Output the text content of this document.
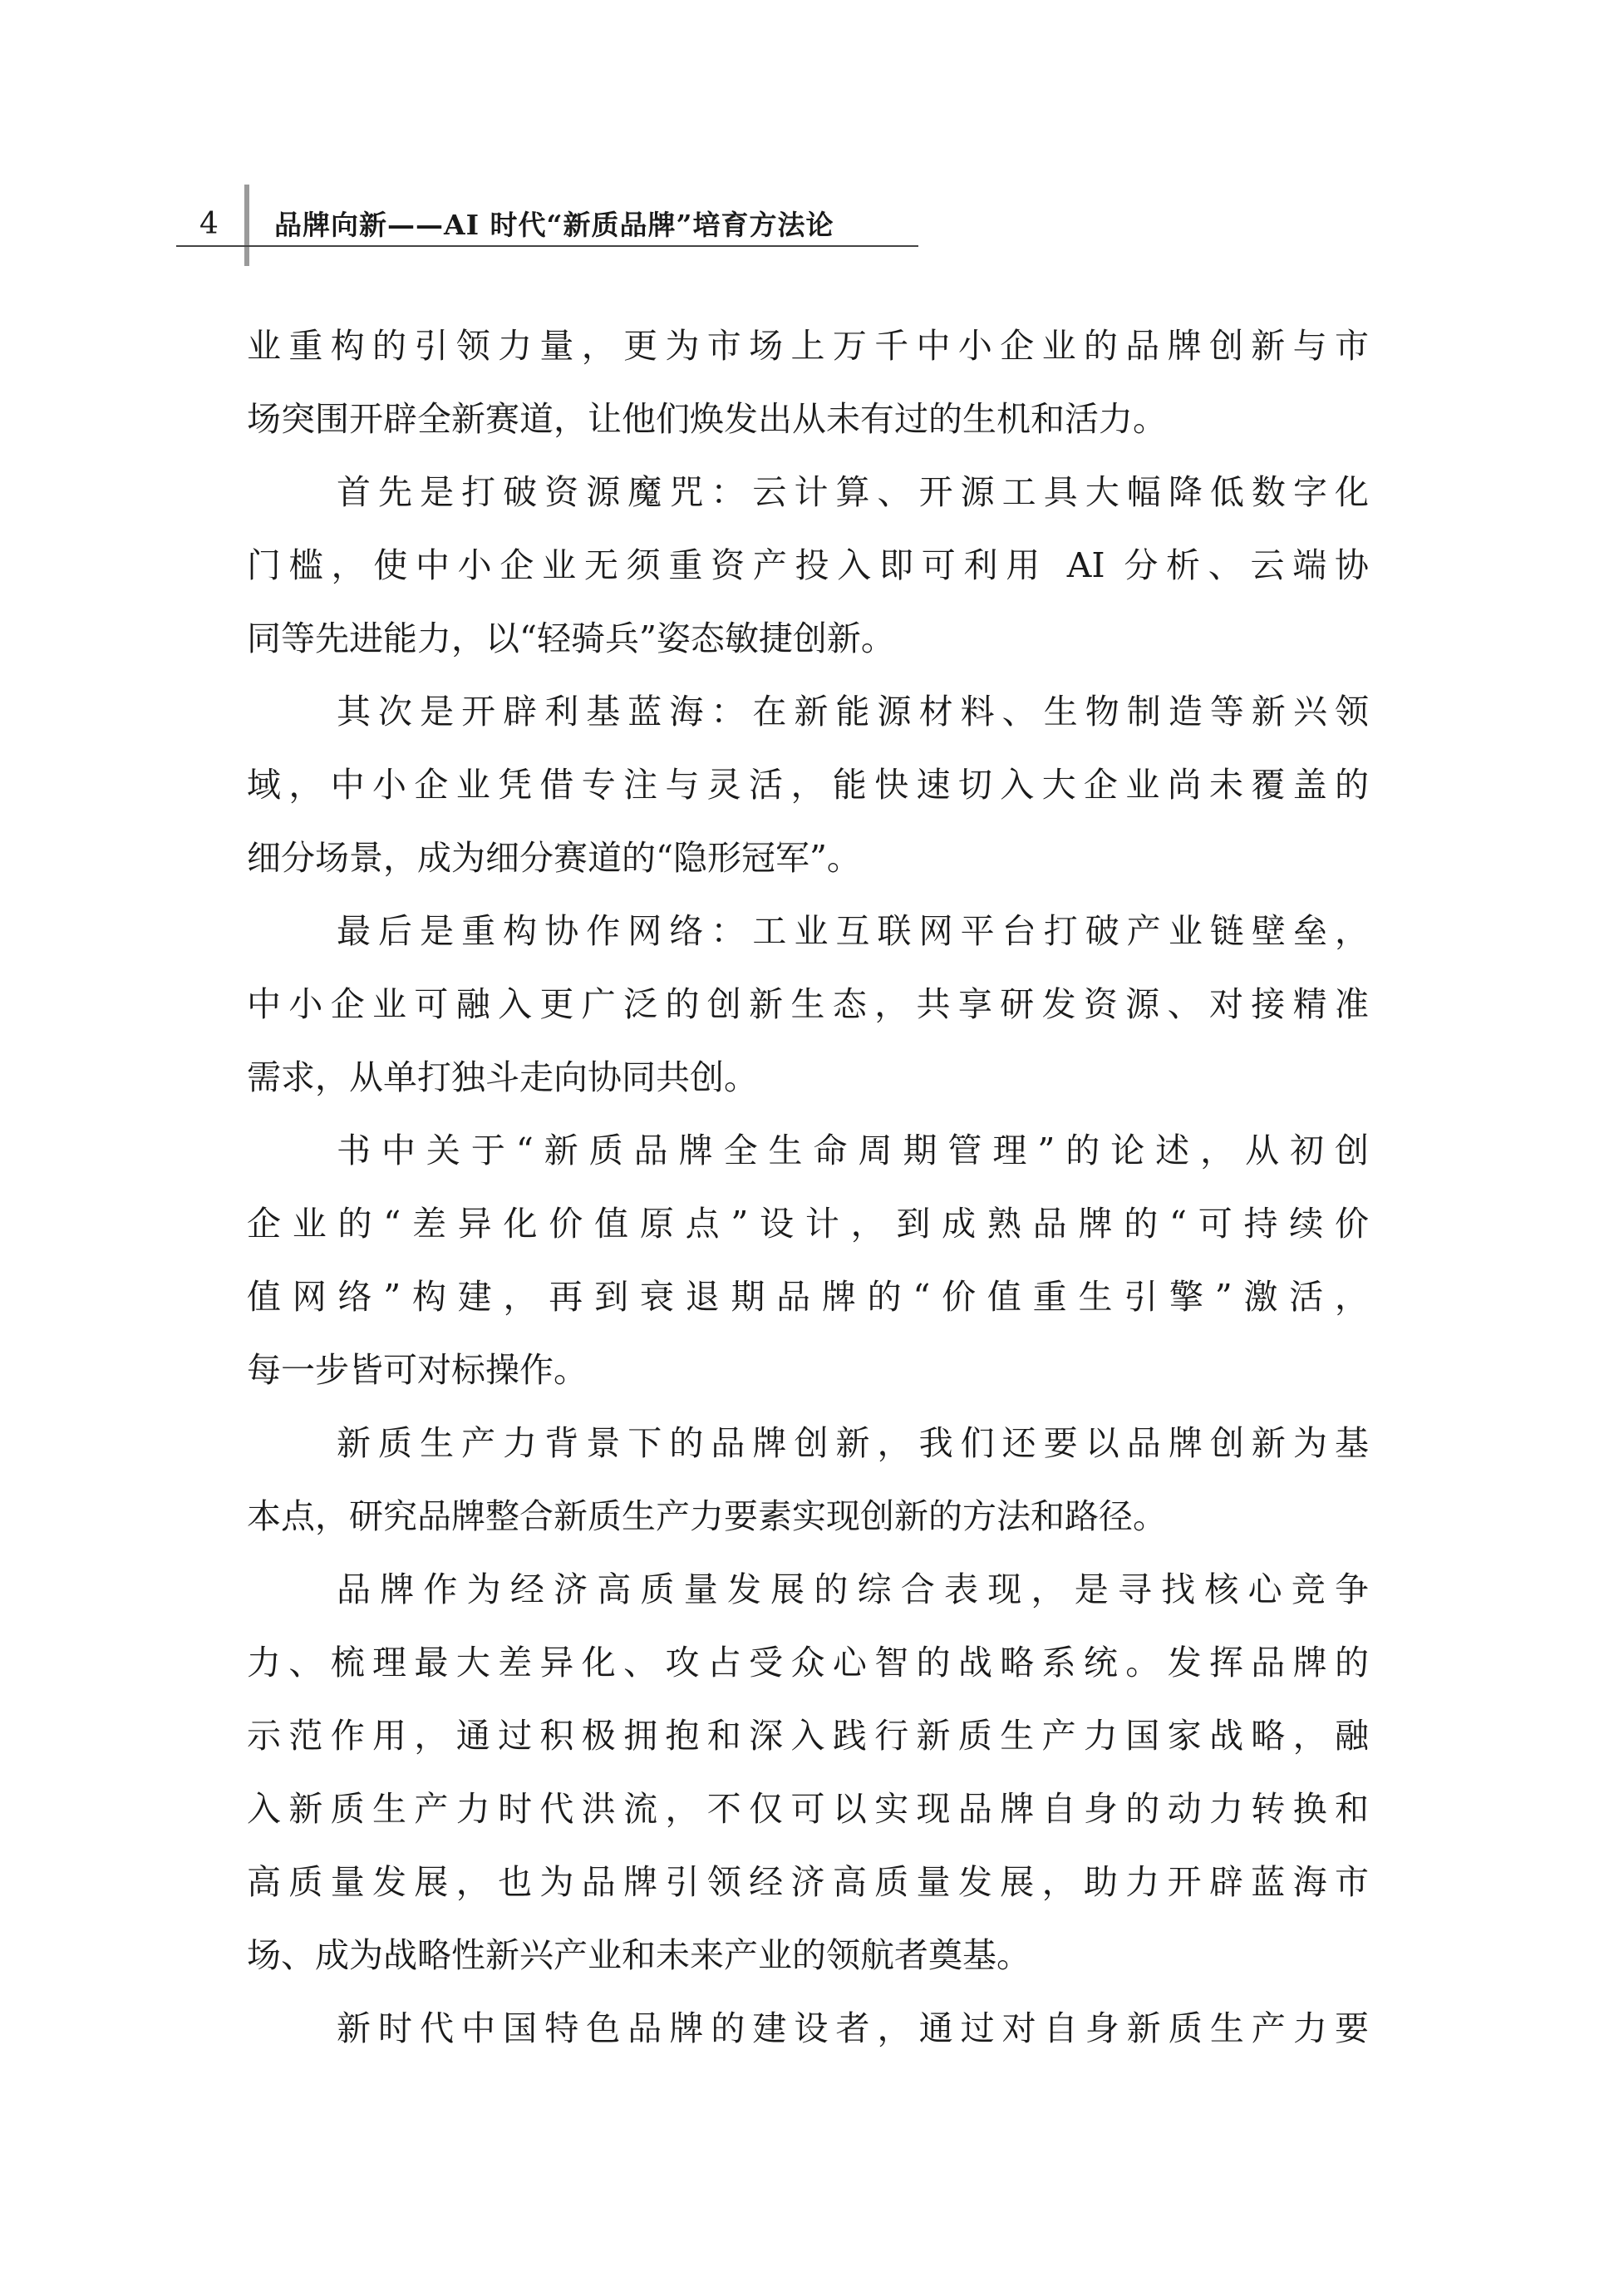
4 品牌向新——AI 时代“新质品牌”培育方法论
业重构的引领力量，更为市场上万千中小企业的品牌创新与市
场突围开辟全新赛道，让他们焕发出从未有过的生机和活力。
首先是打破资源魔咒：云计算、开源工具大幅降低数字化
门槛，使中小企业无须重资产投入即可利用 AI 分析、云端协
同等先进能力，以“轻骑兵”姿态敏捷创新。
其次是开辟利基蓝海：在新能源材料、生物制造等新兴领
域，中小企业凭借专注与灵活，能快速切入大企业尚未覆盖的
细分场景，成为细分赛道的“隐形冠军”。
最后是重构协作网络：工业互联网平台打破产业链壁垒，
中小企业可融入更广泛的创新生态，共享研发资源、对接精准
需求，从单打独斗走向协同共创。
书中关于“新质品牌全生命周期管理”的论述，从初创
企业的“差异化价值原点”设计，到成熟品牌的“可持续价
值网络”构建，再到衰退期品牌的“价值重生引擎”激活，
每一步皆可对标操作。
新质生产力背景下的品牌创新，我们还要以品牌创新为基
本点，研究品牌整合新质生产力要素实现创新的方法和路径。
品牌作为经济高质量发展的综合表现，是寻找核心竞争
力、梳理最大差异化、攻占受众心智的战略系统。发挥品牌的
示范作用，通过积极拥抱和深入践行新质生产力国家战略，融
入新质生产力时代洪流，不仅可以实现品牌自身的动力转换和
高质量发展，也为品牌引领经济高质量发展，助力开辟蓝海市
场、成为战略性新兴产业和未来产业的领航者奠基。
新时代中国特色品牌的建设者，通过对自身新质生产力要
